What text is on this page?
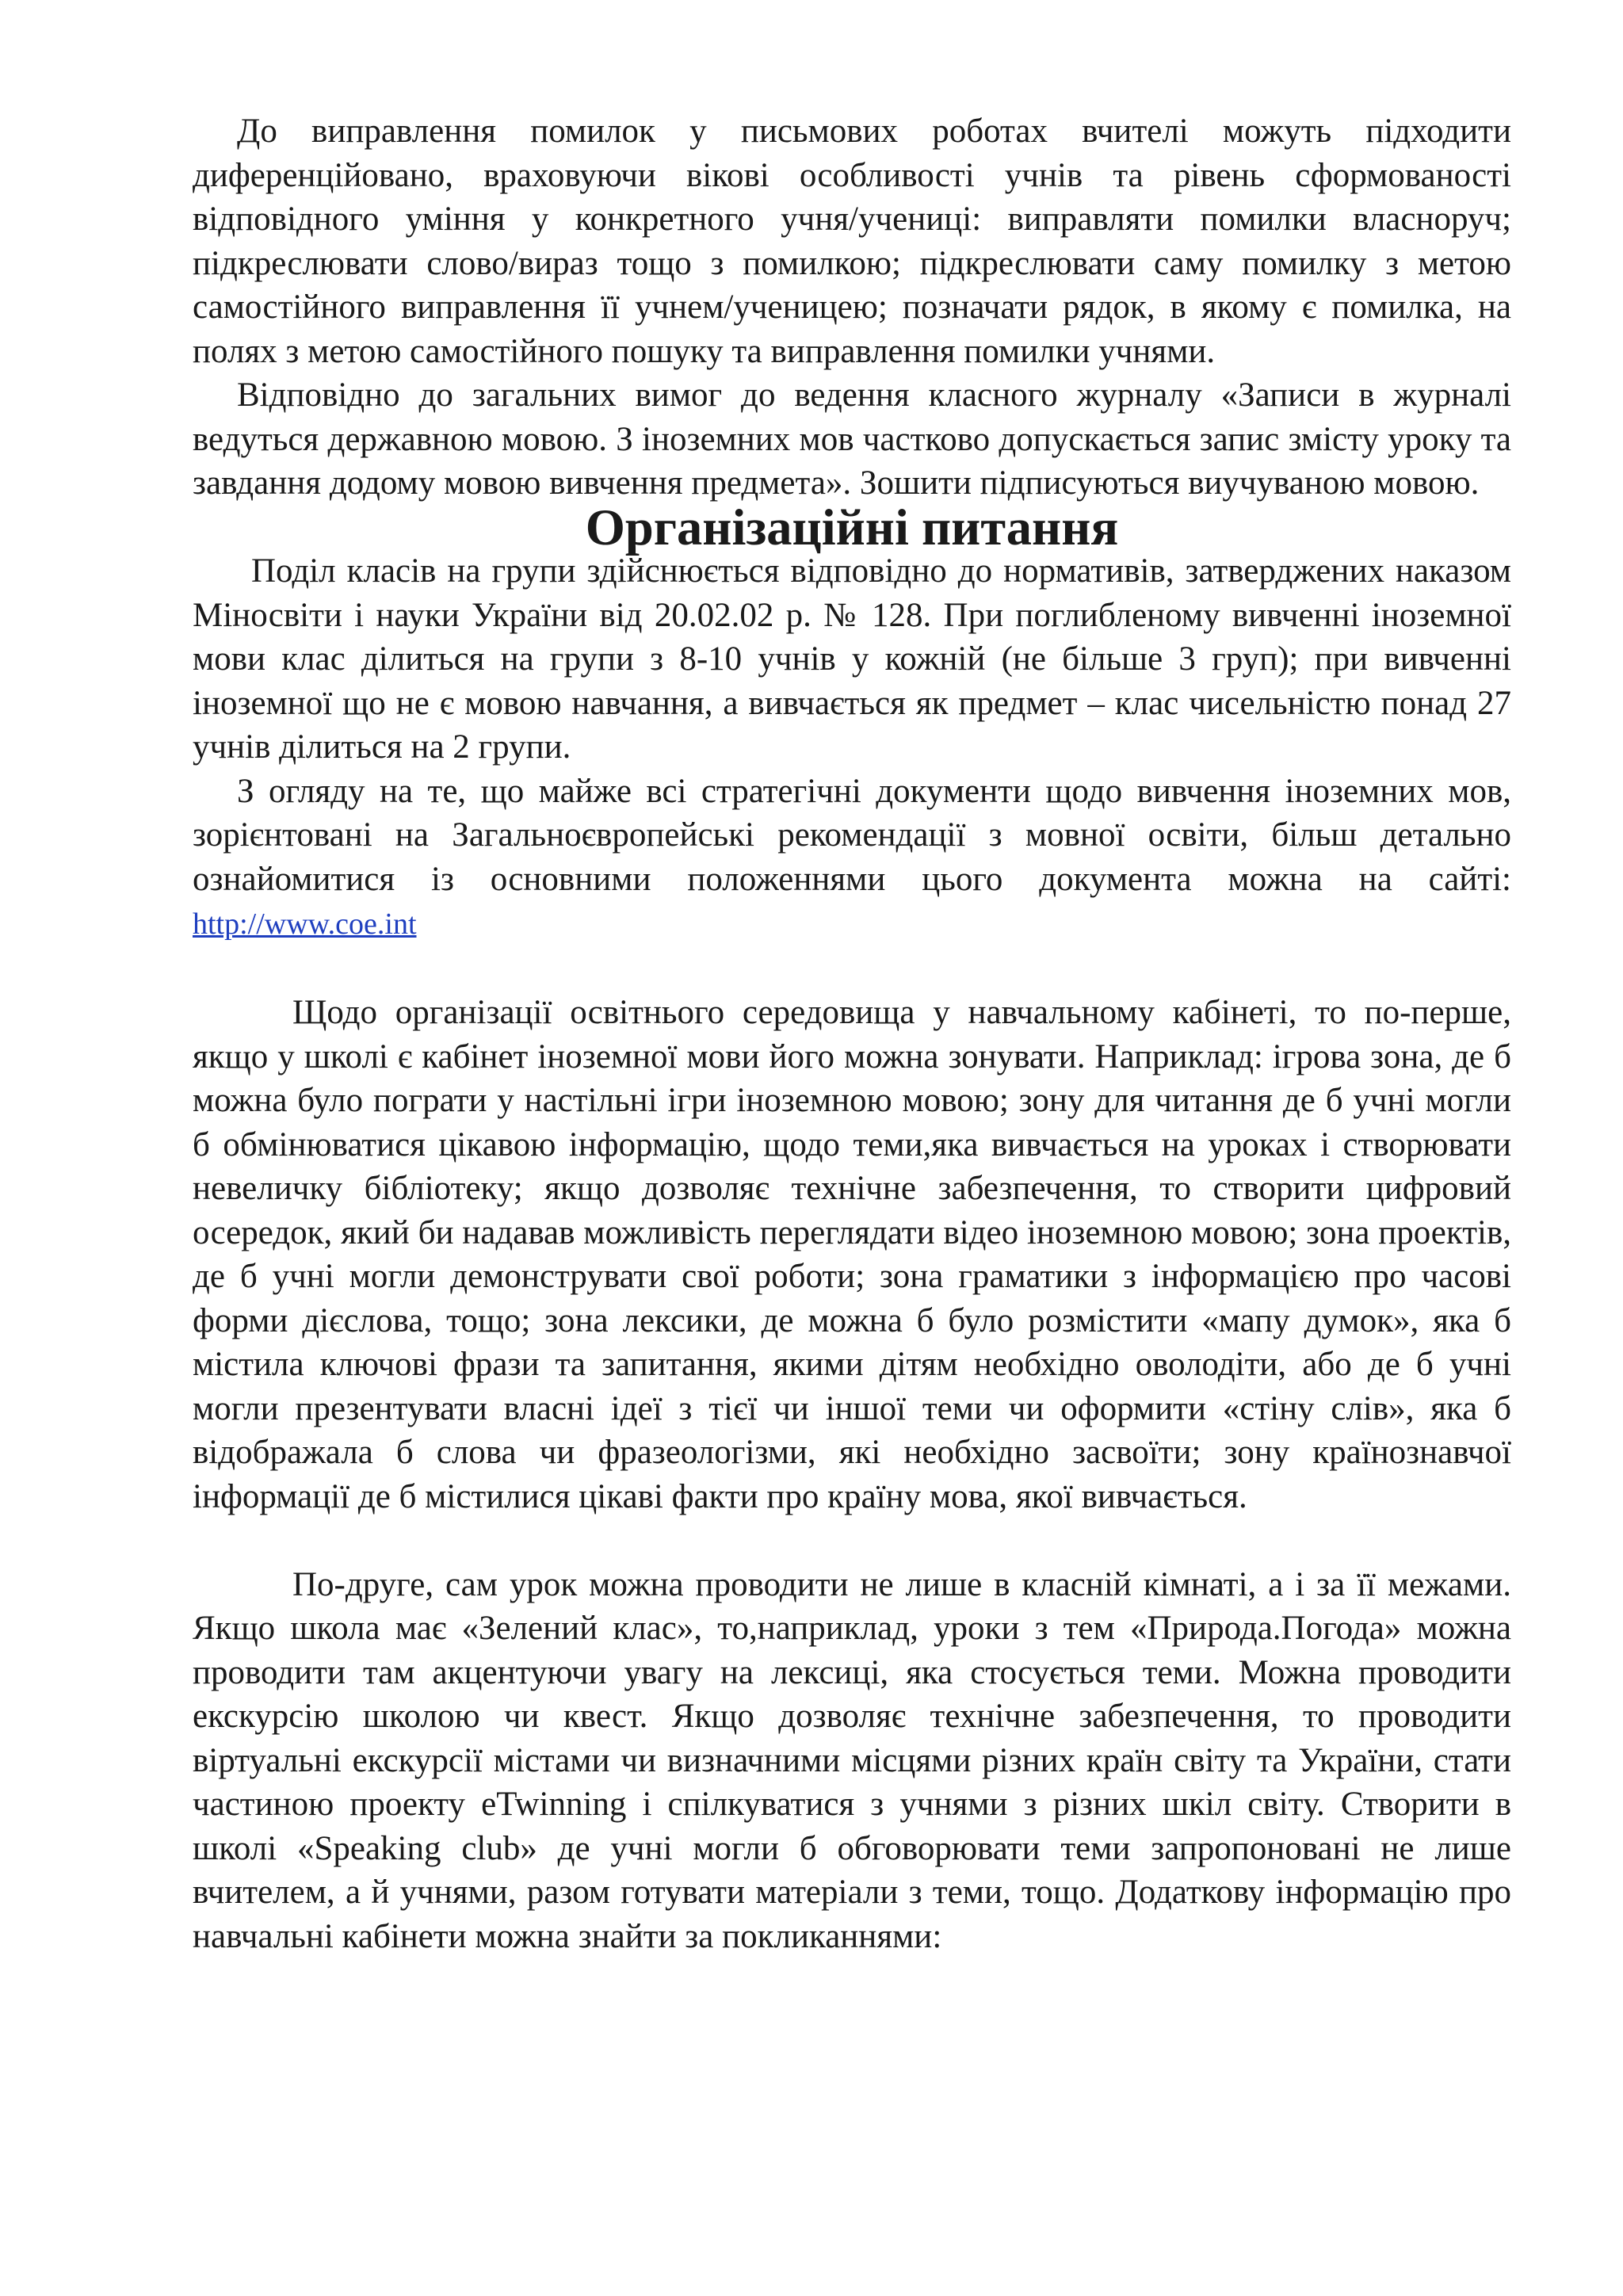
До виправлення помилок у письмових роботах вчителі можуть підходити диференційовано, враховуючи вікові особливості учнів та рівень сформованості відповідного уміння у конкретного учня/учениці: виправляти помилки власноруч; підкреслювати слово/вираз тощо з помилкою; підкреслювати саму помилку з метою самостійного виправлення її учнем/ученицею; позначати рядок, в якому є помилка, на полях з метою самостійного пошуку та виправлення помилки учнями.

Відповідно до загальних вимог до ведення класного журналу «Записи в журналі ведуться державною мовою. З іноземних мов частково допускається запис змісту уроку та завдання додому мовою вивчення предмета». Зошити підписуються виучуваною мовою.

Організаційні питання

Поділ класів на групи здійснюється відповідно до нормативів, затверджених наказом Міносвіти і науки України від 20.02.02 р. № 128. При поглибленому вивченні іноземної мови клас ділиться на групи з 8-10 учнів у кожній (не більше 3 груп); при вивченні іноземної що не є мовою навчання, а вивчається як предмет – клас чисельністю понад 27 учнів ділиться на 2 групи.

З огляду на те, що майже всі стратегічні документи щодо вивчення іноземних мов, зорієнтовані на Загальноєвропейські рекомендації з мовної освіти, більш детально ознайомитися із основними положеннями цього документа можна на сайті: http://www.coe.int

Щодо організації освітнього середовища у навчальному кабінеті, то по-перше, якщо у школі є кабінет іноземної мови його можна зонувати. Наприклад: ігрова зона, де б можна було пограти у настільні ігри іноземною мовою; зону для читання де б учні могли б обмінюватися цікавою інформацію, щодо теми,яка вивчається на уроках і створювати невеличку бібліотеку; якщо дозволяє технічне забезпечення, то створити цифровий осередок, який би надавав можливість переглядати відео іноземною мовою; зона проектів, де б учні могли демонструвати свої роботи; зона граматики з інформацією про часові форми дієслова, тощо; зона лексики, де можна б було розмістити «мапу думок», яка б містила ключові фрази та запитання, якими дітям необхідно оволодіти, або де б учні могли презентувати власні ідеї з тієї чи іншої теми чи оформити «стіну слів», яка б відображала б слова чи фразеологізми, які необхідно засвоїти; зону країнознавчої інформації де б містилися цікаві факти про країну мова, якої вивчається.

По-друге, сам урок можна проводити не лише в класній кімнаті, а і за її межами. Якщо школа має «Зелений клас», то,наприклад, уроки з тем «Природа.Погода» можна проводити там акцентуючи увагу на лексиці, яка стосується теми. Можна проводити екскурсію школою чи квест. Якщо дозволяє технічне забезпечення, то проводити віртуальні екскурсії містами чи визначними місцями різних країн світу та України, стати частиною проекту eTwinning і спілкуватися з учнями з різних шкіл світу. Створити в школі «Speaking club» де учні могли б обговорювати теми запропоновані не лише вчителем, а й учнями, разом готувати матеріали з теми, тощо. Додаткову інформацію про навчальні кабінети можна знайти за покликаннями:
